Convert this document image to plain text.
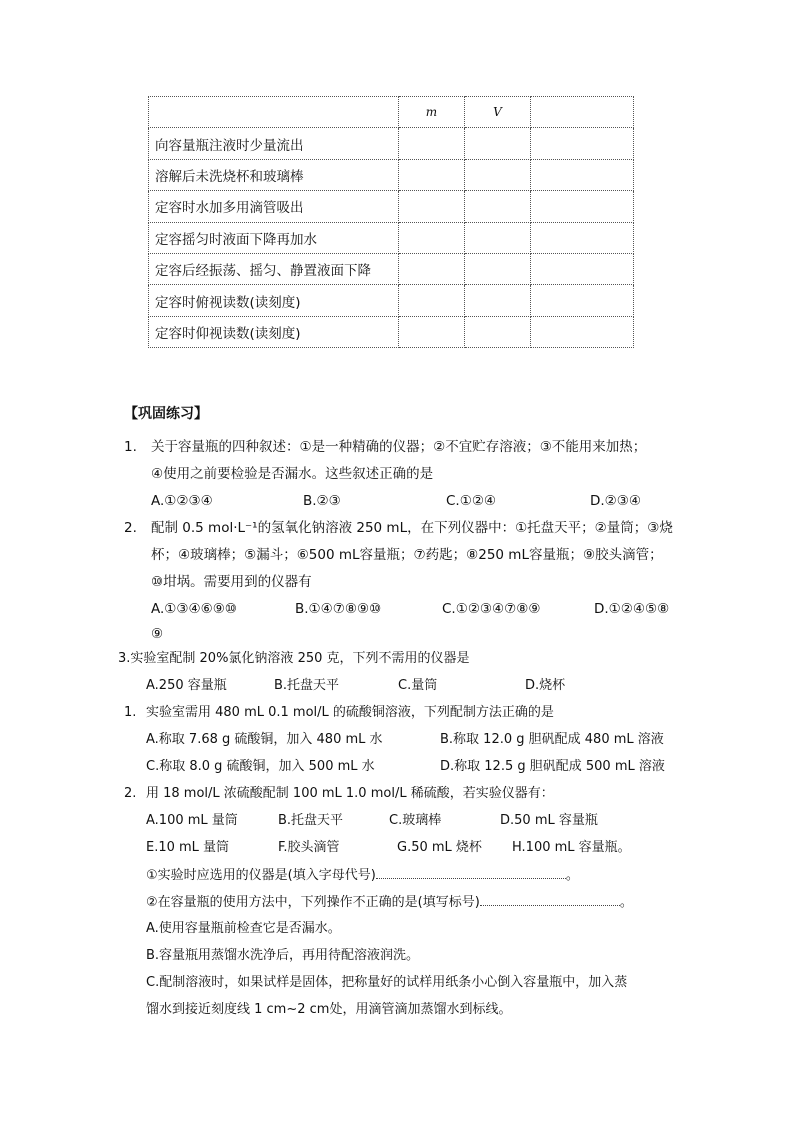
	m	V	
向容量瓶注液时少量流出			
溶解后未洗烧杯和玻璃棒			
定容时水加多用滴管吸出			
定容摇匀时液面下降再加水			
定容后经振荡、摇匀、静置液面下降			
定容时俯视读数(读刻度)			
定容时仰视读数(读刻度)			
【巩固练习】
1. 关于容量瓶的四种叙述：①是一种精确的仪器；②不宜贮存溶液；③不能用来加热；
④使用之前要检验是否漏水。这些叙述正确的是
A.①②③④	B.②③	C.①②④	D.②③④
2. 配制 0.5 mol·L⁻¹的氢氧化钠溶液 250 mL，在下列仪器中：①托盘天平；②量筒；③烧
杯；④玻璃棒；⑤漏斗；⑥500 mL容量瓶；⑦药匙；⑧250 mL容量瓶；⑨胶头滴管；
⑩坩埚。需要用到的仪器有
A.①③④⑥⑨⑩	B.①④⑦⑧⑨⑩	C.①②③④⑦⑧⑨	D.①②④⑤⑧
⑨
3.实验室配制 20%氯化钠溶液 250 克，下列不需用的仪器是
A.250 容量瓶	B.托盘天平	C.量筒	D.烧杯
1. 实验室需用 480 mL 0.1 mol/L 的硫酸铜溶液，下列配制方法正确的是
A.称取 7.68 g 硫酸铜，加入 480 mL 水	B.称取 12.0 g 胆矾配成 480 mL 溶液
C.称取 8.0 g 硫酸铜，加入 500 mL 水	D.称取 12.5 g 胆矾配成 500 mL 溶液
2. 用 18 mol/L 浓硫酸配制 100 mL 1.0 mol/L 稀硫酸，若实验仪器有：
A.100 mL 量筒	B.托盘天平	C.玻璃棒	D.50 mL 容量瓶
E.10 mL 量筒	F.胶头滴管	G.50 mL 烧杯 H.100 mL 容量瓶。
①实验时应选用的仪器是(填入字母代号)	。
②在容量瓶的使用方法中，下列操作不正确的是(填写标号)	。
A.使用容量瓶前检查它是否漏水。
B.容量瓶用蒸馏水洗净后，再用待配溶液润洗。
C.配制溶液时，如果试样是固体，把称量好的试样用纸条小心倒入容量瓶中，加入蒸
馏水到接近刻度线 1 cm~2 cm处，用滴管滴加蒸馏水到标线。
